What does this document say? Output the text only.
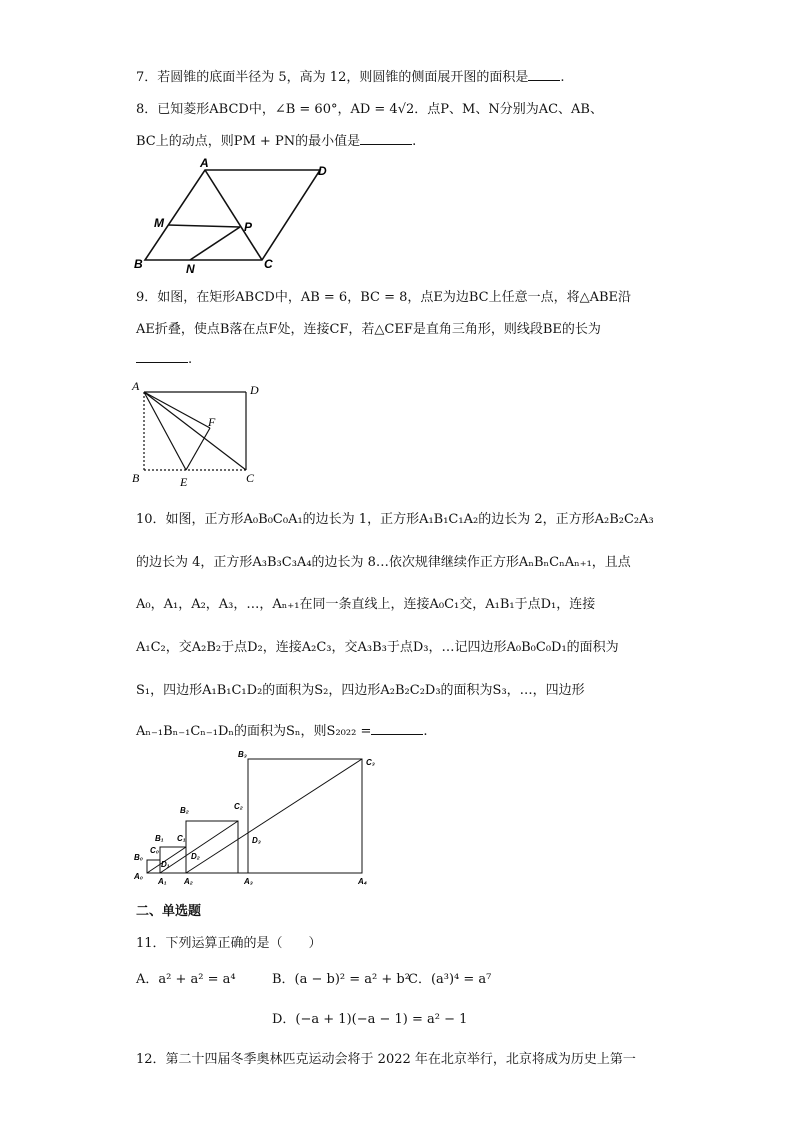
7．若圆锥的底面半径为 5，高为 12，则圆锥的侧面展开图的面积是 .
8．已知菱形ABCD中，∠B = 60°，AD = 4√2．点P、M、N分别为AC、AB、
BC上的动点，则PM + PN的最小值是	.
A
D
M	P
B	N	C
9．如图，在矩形ABCD中，AB = 6，BC = 8，点E为边BC上任意一点，将△ABE沿
AE折叠，使点B落在点F处，连接CF，若△CEF是直角三角形，则线段BE的长为
.
A	D
F
B	E	C
10．如图，正方形A₀B₀C₀A₁的边长为 1，正方形A₁B₁C₁A₂的边长为 2，正方形A₂B₂C₂A₃
的边长为 4，正方形A₃B₃C₃A₄的边长为 8…依次规律继续作正方形AₙBₙCₙAₙ₊₁，且点
A₀，A₁，A₂，A₃，…，Aₙ₊₁在同一条直线上，连接A₀C₁交，A₁B₁于点D₁，连接
A₁C₂，交A₂B₂于点D₂，连接A₂C₃，交A₃B₃于点D₃，…记四边形A₀B₀C₀D₁的面积为
S₁，四边形A₁B₁C₁D₂的面积为S₂，四边形A₂B₂C₂D₃的面积为S₃，…，四边形
Aₙ₋₁Bₙ₋₁Cₙ₋₁Dₙ的面积为Sₙ，则S₂₀₂₂ =	.
B₀
C₀
A₀
D₁
B₁ C₁
A₁
D₂
B₂	C₂
A₂
D₃
B₃
C₃
A₃	A₄
二、单选题
11．下列运算正确的是（　　）
A．a² + a² = a⁴	B．(a − b)² = a² + b²
C．(a³)⁴ = a⁷
D．(−a + 1)(−a − 1) = a² − 1
12．第二十四届冬季奥林匹克运动会将于 2022 年在北京举行，北京将成为历史上第一
